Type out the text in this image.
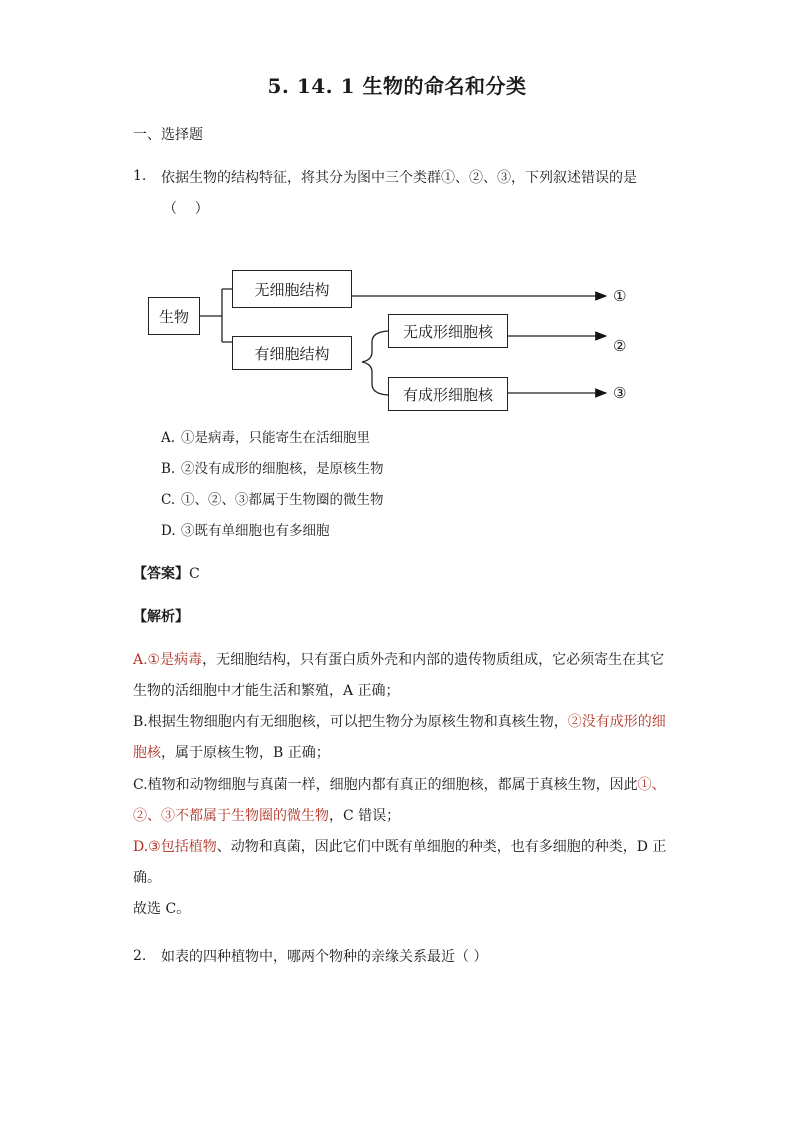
5. 14. 1 生物的命名和分类
一、选择题
1. 依据生物的结构特征，将其分为图中三个类群①、②、③，下列叙述错误的是
（    ）
生物
无细胞结构
有细胞结构
无成形细胞核
有成形细胞核
①
②
③
A. ①是病毒，只能寄生在活细胞里
B. ②没有成形的细胞核，是原核生物
C. ①、②、③都属于生物圈的微生物
D. ③既有单细胞也有多细胞
【答案】C
【解析】
A.①是病毒，无细胞结构，只有蛋白质外壳和内部的遗传物质组成，它必须寄生在其它
生物的活细胞中才能生活和繁殖，A 正确；
B.根据生物细胞内有无细胞核，可以把生物分为原核生物和真核生物，②没有成形的细
胞核，属于原核生物，B 正确；
C.植物和动物细胞与真菌一样，细胞内都有真正的细胞核，都属于真核生物，因此①、
②、③不都属于生物圈的微生物，C 错误；
D.③包括植物、动物和真菌，因此它们中既有单细胞的种类，也有多细胞的种类，D 正
确。
故选 C。
2. 如表的四种植物中，哪两个物种的亲缘关系最近（ ）
